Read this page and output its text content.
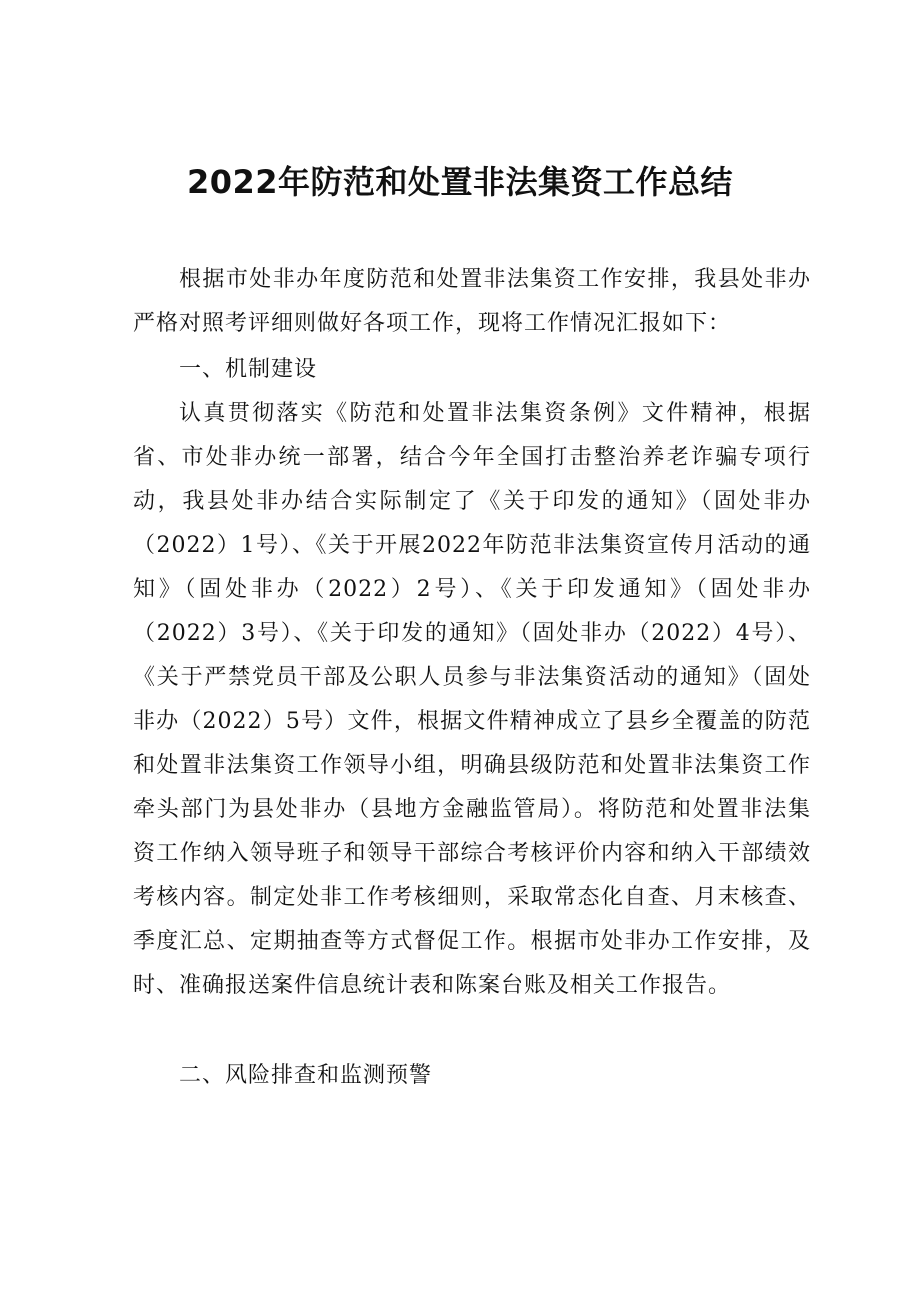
2022年防范和处置非法集资工作总结

根据市处非办年度防范和处置非法集资工作安排，我县处非办严格对照考评细则做好各项工作，现将工作情况汇报如下：

一、机制建设

认真贯彻落实《防范和处置非法集资条例》文件精神，根据省、市处非办统一部署，结合今年全国打击整治养老诈骗专项行动，我县处非办结合实际制定了《关于印发的通知》（固处非办（2022）1号）、《关于开展2022年防范非法集资宣传月活动的通知》（固处非办（2022）2号）、《关于印发通知》（固处非办（2022）3号）、《关于印发的通知》（固处非办（2022）4号）、《关于严禁党员干部及公职人员参与非法集资活动的通知》（固处非办（2022）5号）文件，根据文件精神成立了县乡全覆盖的防范和处置非法集资工作领导小组，明确县级防范和处置非法集资工作牵头部门为县处非办（县地方金融监管局）。将防范和处置非法集资工作纳入领导班子和领导干部综合考核评价内容和纳入干部绩效考核内容。制定处非工作考核细则，采取常态化自查、月末核查、季度汇总、定期抽查等方式督促工作。根据市处非办工作安排，及时、准确报送案件信息统计表和陈案台账及相关工作报告。

二、风险排查和监测预警
